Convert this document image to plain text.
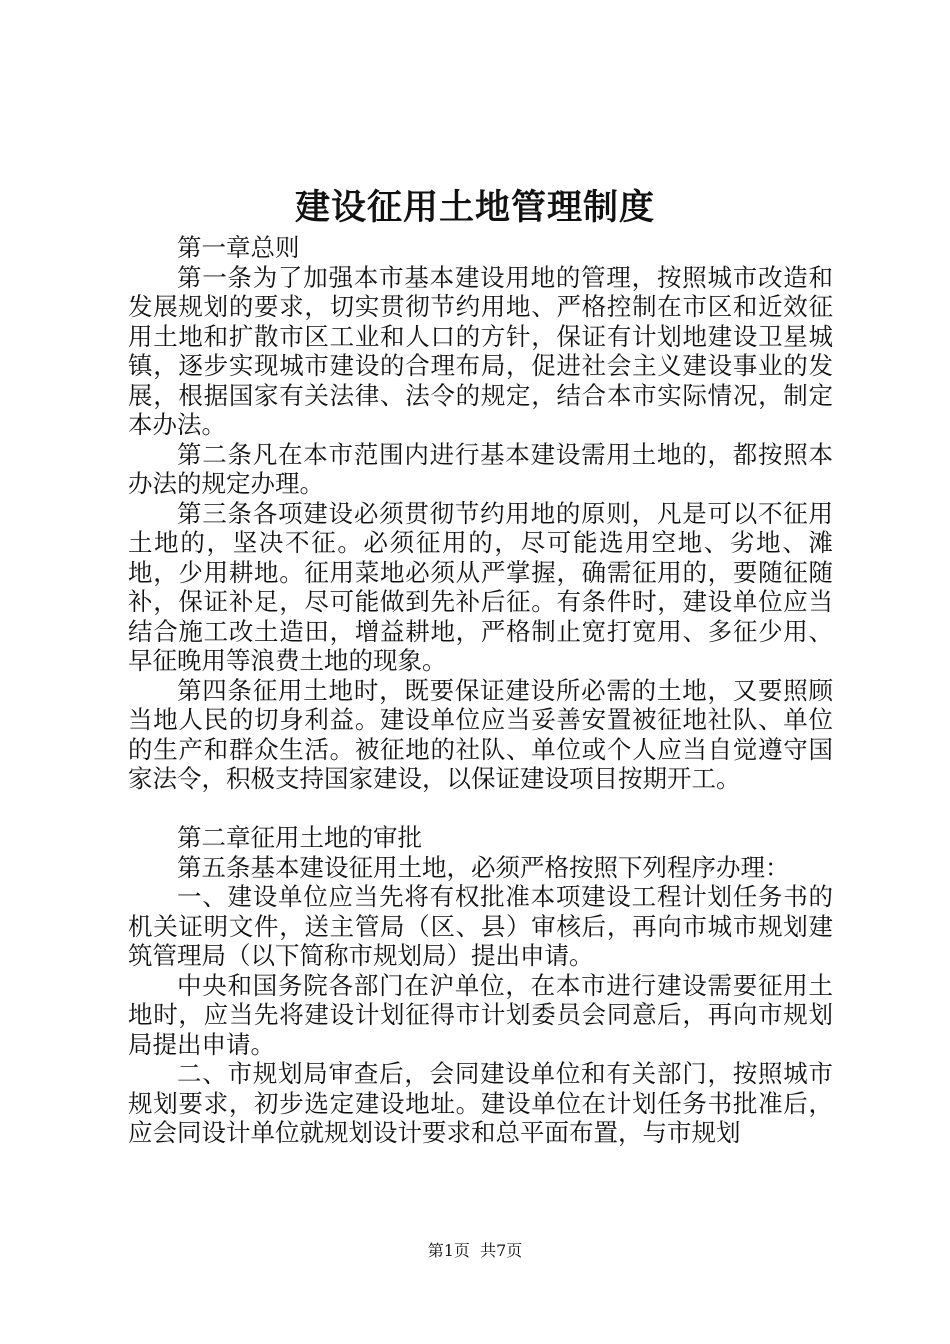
建设征用土地管理制度

第一章总则

第一条为了加强本市基本建设用地的管理，按照城市改造和发展规划的要求，切实贯彻节约用地、严格控制在市区和近效征用土地和扩散市区工业和人口的方针，保证有计划地建设卫星城镇，逐步实现城市建设的合理布局，促进社会主义建设事业的发展，根据国家有关法律、法令的规定，结合本市实际情况，制定本办法。

第二条凡在本市范围内进行基本建设需用土地的，都按照本办法的规定办理。

第三条各项建设必须贯彻节约用地的原则，凡是可以不征用土地的，坚决不征。必须征用的，尽可能选用空地、劣地、滩地，少用耕地。征用菜地必须从严掌握，确需征用的，要随征随补，保证补足，尽可能做到先补后征。有条件时，建设单位应当结合施工改土造田，增益耕地，严格制止宽打宽用、多征少用、早征晚用等浪费土地的现象。

第四条征用土地时，既要保证建设所必需的土地，又要照顾当地人民的切身利益。建设单位应当妥善安置被征地社队、单位的生产和群众生活。被征地的社队、单位或个人应当自觉遵守国家法令，积极支持国家建设，以保证建设项目按期开工。

第二章征用土地的审批

第五条基本建设征用土地，必须严格按照下列程序办理：

一、建设单位应当先将有权批准本项建设工程计划任务书的机关证明文件，送主管局（区、县）审核后，再向市城市规划建筑管理局（以下简称市规划局）提出申请。

中央和国务院各部门在沪单位，在本市进行建设需要征用土地时，应当先将建设计划征得市计划委员会同意后，再向市规划局提出申请。

二、市规划局审查后，会同建设单位和有关部门，按照城市规划要求，初步选定建设地址。建设单位在计划任务书批准后，应会同设计单位就规划设计要求和总平面布置，与市规划

第1页 共7页
